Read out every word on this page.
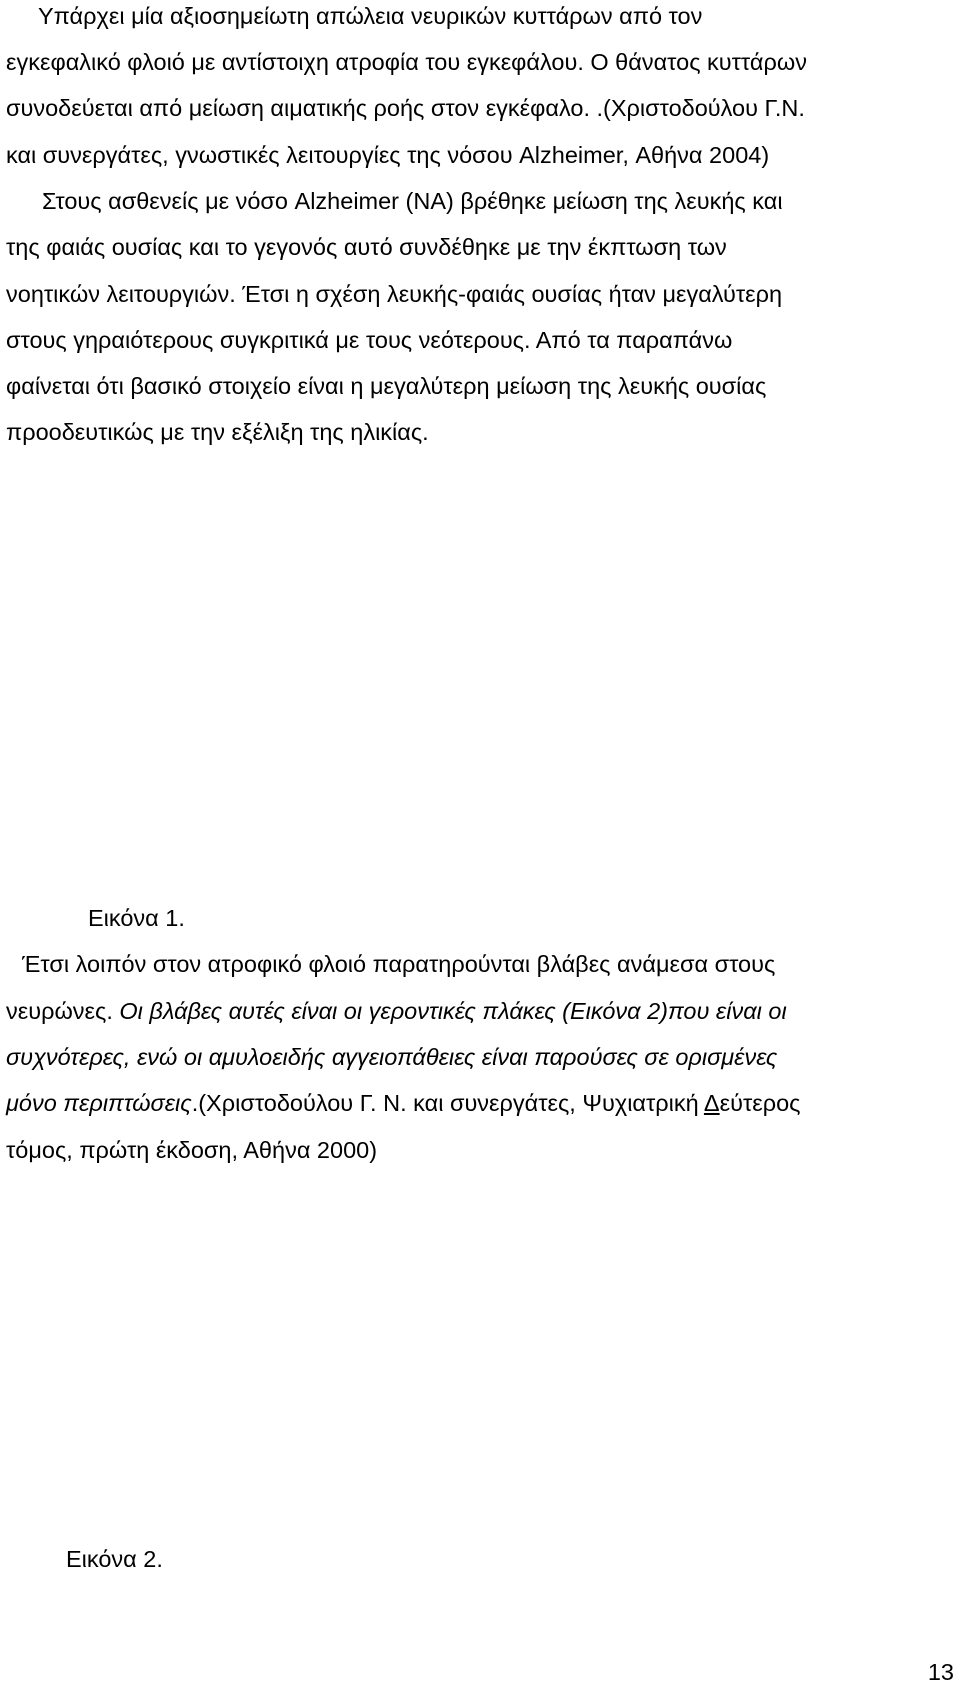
Υπάρχει μία αξιοσημείωτη απώλεια νευρικών κυττάρων από τον
εγκεφαλικό φλοιό με αντίστοιχη ατροφία του εγκεφάλου. Ο θάνατος κυττάρων
συνοδεύεται από μείωση αιματικής ροής στον εγκέφαλο. .(Χριστοδούλου Γ.Ν.
και συνεργάτες, γνωστικές λειτουργίες της νόσου Alzheimer, Αθήνα 2004)
Στους ασθενείς με νόσο Alzheimer (NA) βρέθηκε μείωση της λευκής και
της φαιάς ουσίας και το γεγονός αυτό συνδέθηκε με την έκπτωση των
νοητικών λειτουργιών. Έτσι η σχέση λευκής-φαιάς ουσίας ήταν μεγαλύτερη
στους γηραιότερους συγκριτικά με τους νεότερους. Από τα παραπάνω
φαίνεται ότι βασικό στοιχείο είναι η μεγαλύτερη μείωση της λευκής ουσίας
προοδευτικώς με την εξέλιξη της ηλικίας.
Εικόνα 1.
Έτσι λοιπόν στον ατροφικό φλοιό παρατηρούνται βλάβες ανάμεσα στους
νευρώνες. Οι βλάβες αυτές είναι οι γεροντικές πλάκες (Εικόνα 2)που είναι οι
συχνότερες, ενώ οι αμυλοειδής αγγειοπάθειες είναι παρούσες σε ορισμένες
μόνο περιπτώσεις.(Χριστοδούλου Γ. Ν. και συνεργάτες, Ψυχιατρική Δεύτερος
τόμος, πρώτη έκδοση, Αθήνα 2000)
Εικόνα 2.
13
